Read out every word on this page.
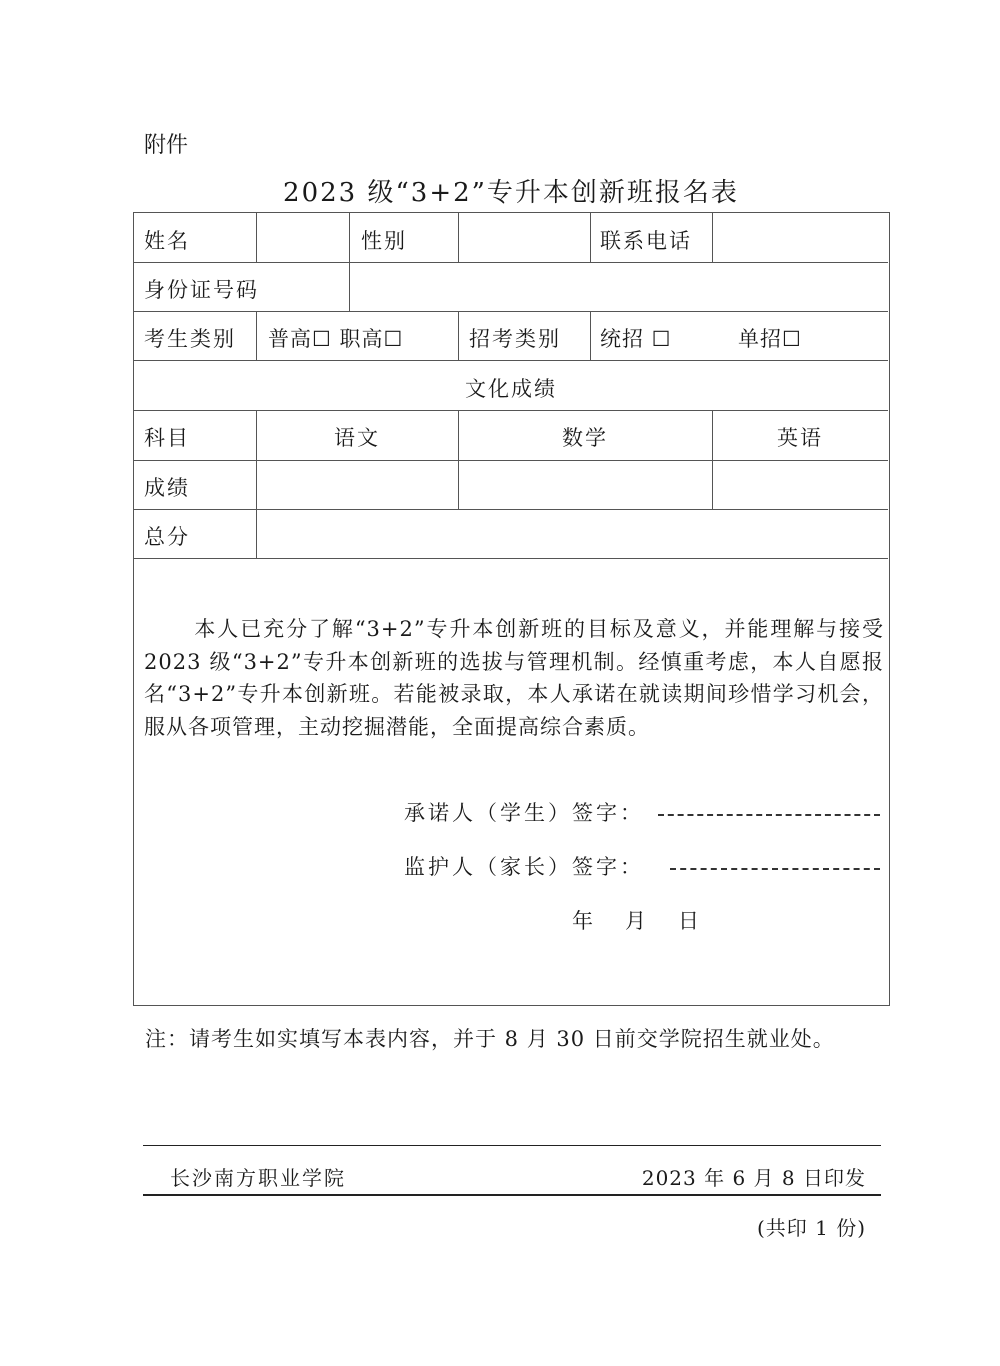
附件
2023 级“3+2”专升本创新班报名表
姓名	性别	联系电话
身份证号码
考生类别 普高☐ 职高☐	招考类别 统招 ☐	单招☐
文化成绩
科目	语文	数学	英语
成绩
总分

本人已充分了解“3+2”专升本创新班的目标及意义，并能理解与接受 2023 级“3+2”专升本创新班的选拔与管理机制。经慎重考虑，本人自愿报名“3+2”专升本创新班。若能被录取，本人承诺在就读期间珍惜学习机会，服从各项管理，主动挖掘潜能，全面提高综合素质。

承诺人（学生）签字：
监护人（家长）签字：
年   月   日
注：请考生如实填写本表内容，并于 8 月 30 日前交学院招生就业处。
长沙南方职业学院	2023 年 6 月 8 日印发
(共印 1 份)
